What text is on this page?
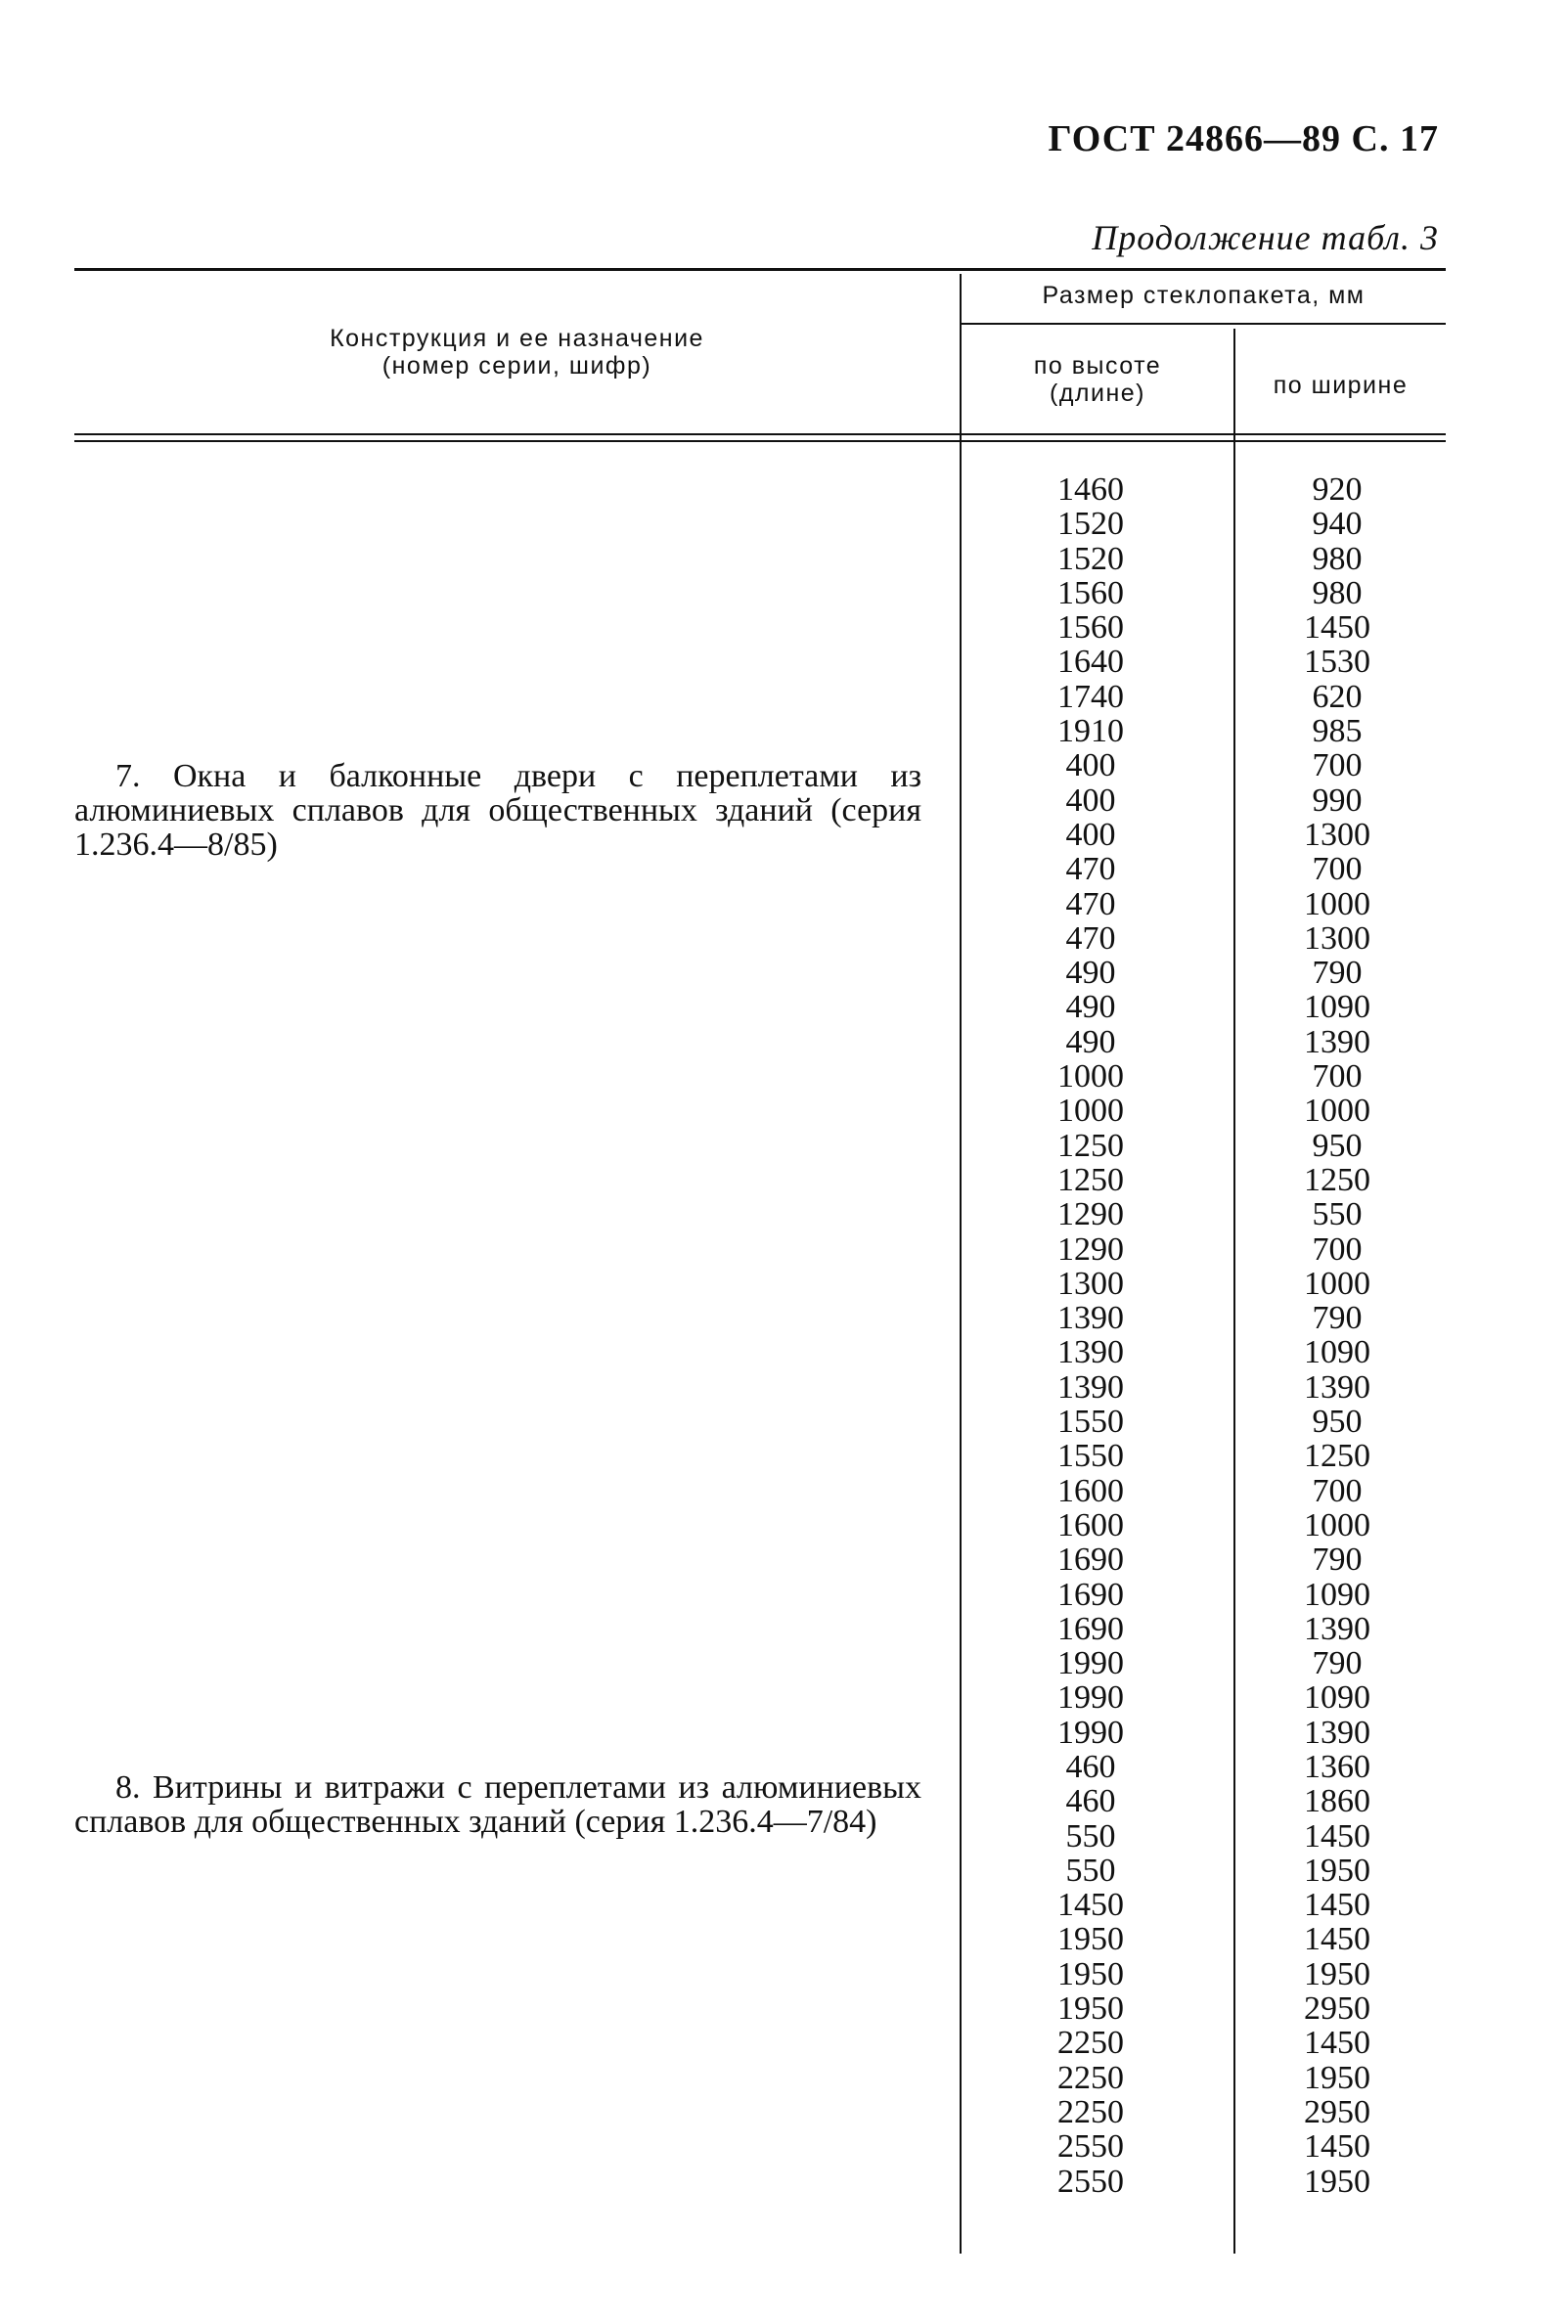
ГОСТ 24866—89 С. 17
Продолжение табл. 3
Конструкция и ее назначение
(номер серии, шифр)
Размер стеклопакета, мм
по высоте
(длине)	по ширине
7. Окна и балконные двери с переплетами из алюминиевых сплавов для общественных зданий (серия 1.236.4—8/85)
8. Витрины и витражи с переплетами из алюминиевых сплавов для общественных зданий (серия 1.236.4—7/84)
1460
1520
1520
1560
1560
1640
1740
1910
400
400
400
470
470
470
490
490
490
1000
1000
1250
1250
1290
1290
1300
1390
1390
1390
1550
1550
1600
1600
1690
1690
1690
1990
1990
1990
460
460
550
550
1450
1950
1950
1950
2250
2250
2250
2550
2550
920
940
980
980
1450
1530
620
985
700
990
1300
700
1000
1300
790
1090
1390
700
1000
950
1250
550
700
1000
790
1090
1390
950
1250
700
1000
790
1090
1390
790
1090
1390
1360
1860
1450
1950
1450
1450
1950
2950
1450
1950
2950
1450
1950
